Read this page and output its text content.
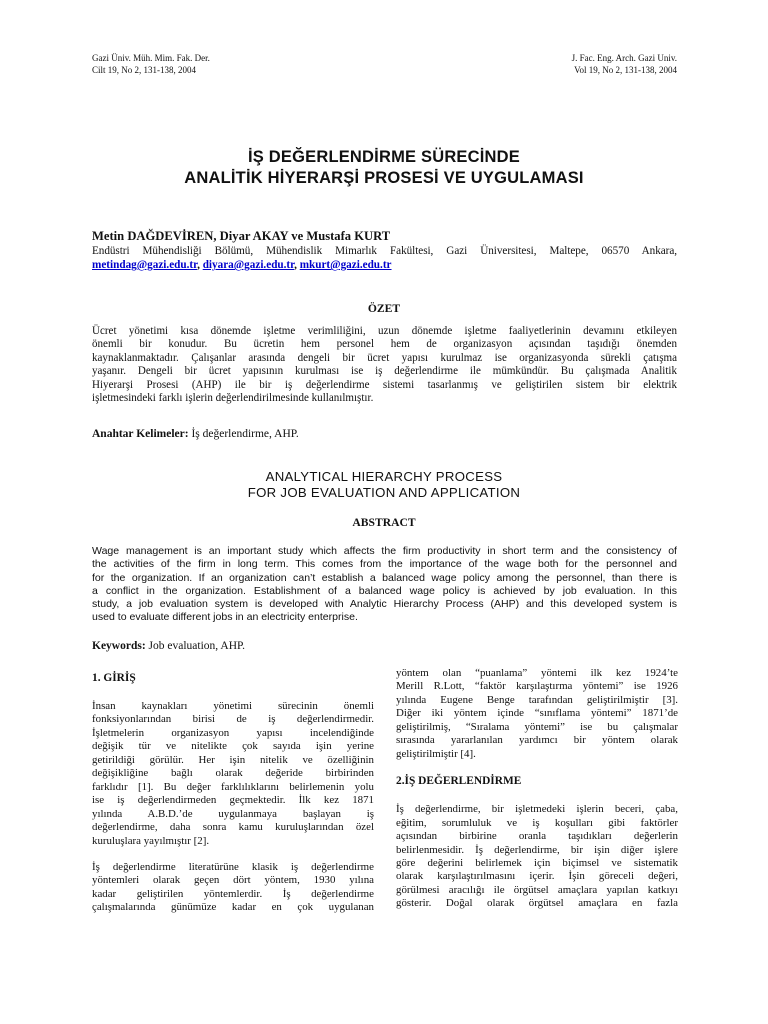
Gazi Üniv. Müh. Mim. Fak. Der.
Cilt 19, No 2, 131-138, 2004
J. Fac. Eng. Arch. Gazi Univ.
Vol 19, No 2, 131-138, 2004
İŞ DEĞERLENDİRME SÜRECİNDE
ANALİTİK HİYERARŞİ PROSESİ VE UYGULAMASI
Metin DAĞDEVİREN, Diyar AKAY ve Mustafa KURT
Endüstri Mühendisliği Bölümü, Mühendislik Mimarlık Fakültesi, Gazi Üniversitesi, Maltepe, 06570 Ankara,
metindag@gazi.edu.tr, diyara@gazi.edu.tr, mkurt@gazi.edu.tr
ÖZET
Ücret yönetimi kısa dönemde işletme verimliliğini, uzun dönemde işletme faaliyetlerinin devamını etkileyen
önemli bir konudur. Bu ücretin hem personel hem de organizasyon açısından taşıdığı önemden
kaynaklanmaktadır. Çalışanlar arasında dengeli bir ücret yapısı kurulmaz ise organizasyonda sürekli çatışma
yaşanır. Dengeli bir ücret yapısının kurulması ise iş değerlendirme ile mümkündür. Bu çalışmada Analitik
Hiyerarşi Prosesi (AHP) ile bir iş değerlendirme sistemi tasarlanmış ve geliştirilen sistem bir elektrik
işletmesindeki farklı işlerin değerlendirilmesinde kullanılmıştır.
Anahtar Kelimeler: İş değerlendirme, AHP.
ANALYTICAL HIERARCHY PROCESS
FOR JOB EVALUATION AND APPLICATION
ABSTRACT
Wage management is an important study which affects the firm productivity in short term and the consistency of
the activities of the firm in long term. This comes from the importance of the wage both for the personnel and
for the organization. If an organization can’t establish a balanced wage policy among the personnel, than there is
a conflict in the organization. Establishment of a balanced wage policy is achieved by job evaluation. In this
study, a job evaluation system is developed with Analytic Hierarchy Process (AHP) and this developed system is
used to evaluate different jobs in an electricity enterprise.
Keywords: Job evaluation, AHP.
1. GİRİŞ
İnsan kaynakları yönetimi sürecinin önemli
fonksiyonlarından birisi de iş değerlendirmedir.
İşletmelerin organizasyon yapısı incelendiğinde
değişik tür ve nitelikte çok sayıda işin yerine
getirildiği görülür. Her işin nitelik ve özelliğinin
değişikliğine bağlı olarak değeride birbirinden
farklıdır [1]. Bu değer farklılıklarını belirlemenin yolu
ise iş değerlendirmeden geçmektedir. İlk kez 1871
yılında A.B.D.’de uygulanmaya başlayan iş
değerlendirme, daha sonra kamu kuruluşlarından özel
kuruluşlara yayılmıştır [2].
İş değerlendirme literatürüne klasik iş değerlendirme
yöntemleri olarak geçen dört yöntem, 1930 yılına
kadar geliştirilen yöntemlerdir. İş değerlendirme
çalışmalarında günümüze kadar en çok uygulanan
yöntem olan “puanlama” yöntemi ilk kez 1924’te
Merill R.Lott, “faktör karşılaştırma yöntemi” ise 1926
yılında Eugene Benge tarafından geliştirilmiştir [3].
Diğer iki yöntem içinde “sınıflama yöntemi” 1871’de
geliştirilmiş, “Sıralama yöntemi” ise bu çalışmalar
sırasında yararlanılan yardımcı bir yöntem olarak
geliştirilmiştir [4].
2.İŞ DEĞERLENDİRME
İş değerlendirme, bir işletmedeki işlerin beceri, çaba,
eğitim, sorumluluk ve iş koşulları gibi faktörler
açısından birbirine oranla taşıdıkları değerlerin
belirlenmesidir. İş değerlendirme, bir işin diğer işlere
göre değerini belirlemek için biçimsel ve sistematik
olarak karşılaştırılmasını içerir. İşin göreceli değeri,
görülmesi aracılığı ile örgütsel amaçlara yapılan katkıyı
gösterir. Doğal olarak örgütsel amaçlara en fazla
